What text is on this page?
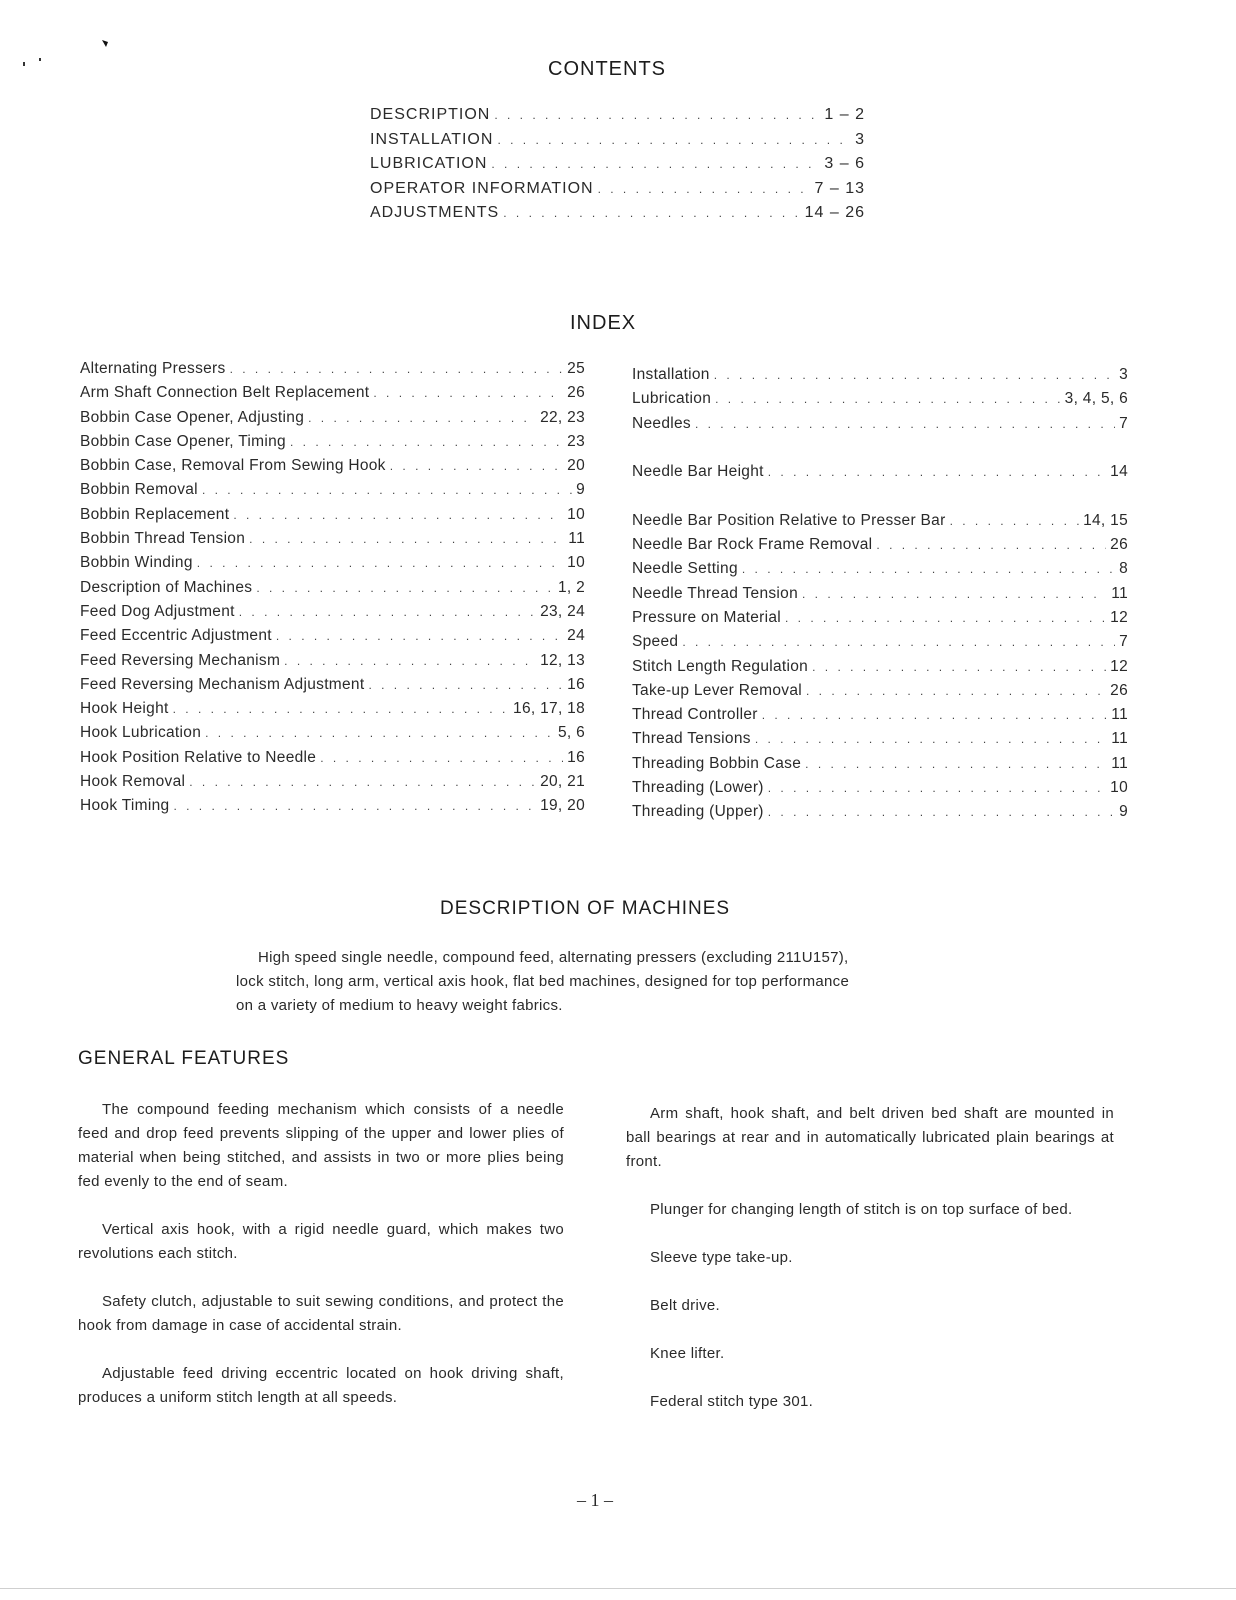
CONTENTS
DESCRIPTION . . .	1 – 2
INSTALLATION . . .	3
LUBRICATION . . .	3 – 6
OPERATOR INFORMATION . . .	7 – 13
ADJUSTMENTS . . .	14 – 26
INDEX
Alternating Pressers . . .	25
Arm Shaft Connection Belt Replacement . . .	26
Bobbin Case Opener, Adjusting . . .	22, 23
Bobbin Case Opener, Timing . . .	23
Bobbin Case, Removal From Sewing Hook . . .	20
Bobbin Removal . . .	9
Bobbin Replacement . . .	10
Bobbin Thread Tension . . .	11
Bobbin Winding . . .	10
Description of Machines . . .	1, 2
Feed Dog Adjustment . . .	23, 24
Feed Eccentric Adjustment . . .	24
Feed Reversing Mechanism . . .	12, 13
Feed Reversing Mechanism Adjustment . . .	16
Hook Height . . .	16, 17, 18
Hook Lubrication . . .	5, 6
Hook Position Relative to Needle . . .	16
Hook Removal . . .	20, 21
Hook Timing . . .	19, 20
Installation . . .	3
Lubrication . . .	3, 4, 5, 6
Needles . . .	7
Needle Bar Height . . .	14
Needle Bar Position Relative to Presser Bar . . .	14, 15
Needle Bar Rock Frame Removal . . .	26
Needle Setting . . .	8
Needle Thread Tension . . .	11
Pressure on Material . . .	12
Speed . . .	7
Stitch Length Regulation . . .	12
Take-up Lever Removal . . .	26
Thread Controller . . .	11
Thread Tensions . . .	11
Threading Bobbin Case . . .	11
Threading (Lower) . . .	10
Threading (Upper) . . .	9
DESCRIPTION OF MACHINES

High speed single needle, compound feed, alternating pressers (excluding 211U157),

lock stitch, long arm, vertical axis hook, flat bed machines, designed for top performance

on a variety of medium to heavy weight fabrics.

GENERAL FEATURES

The compound feeding mechanism which consists of a needle feed and drop feed prevents slipping of the upper and lower plies of material when being stitched, and assists in two or more plies being fed evenly to the end of seam.

Vertical axis hook, with a rigid needle guard, which makes two revolutions each stitch.

Safety clutch, adjustable to suit sewing conditions, and protect the hook from damage in case of accidental strain.

Adjustable feed driving eccentric located on hook driving shaft, produces a uniform stitch length at all speeds.

Arm shaft, hook shaft, and belt driven bed shaft are mounted in ball bearings at rear and in automatically lubricated plain bearings at front.

Plunger for changing length of stitch is on top surface of bed.

Sleeve type take-up.

Belt drive.

Knee lifter.

Federal stitch type 301.

– 1 –
